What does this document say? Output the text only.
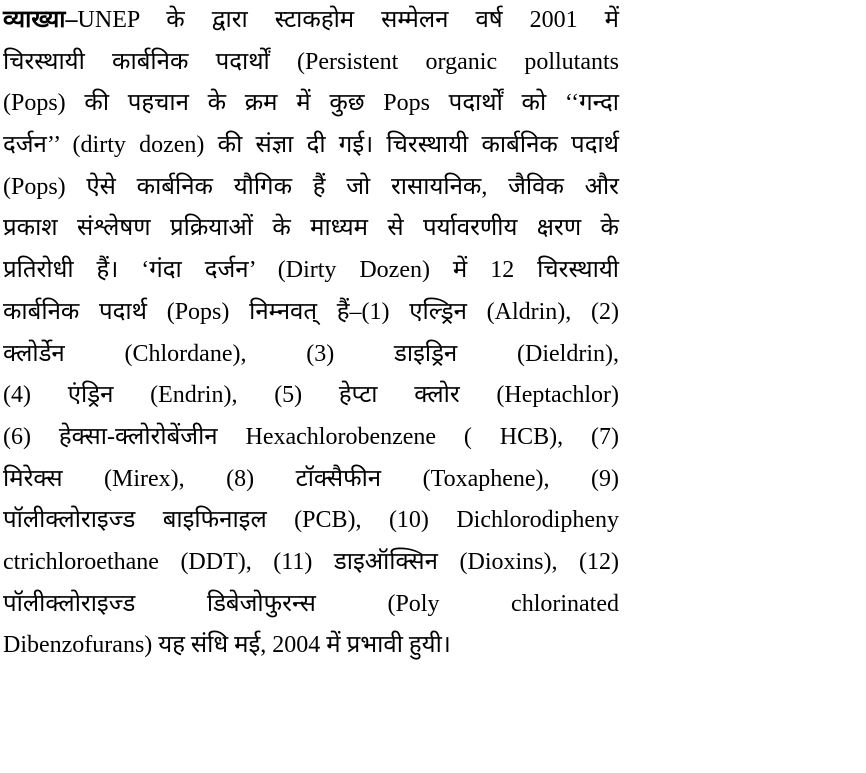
व्याख्या–UNEP के द्वारा स्टाकहोम सम्मेलन वर्ष 2001 में
चिरस्थायी कार्बनिक पदार्थों (Persistent organic pollutants
(Pops) की पहचान के क्रम में कुछ Pops पदार्थों को ‘‘गन्दा
दर्जन’’ (dirty dozen) की संज्ञा दी गई। चिरस्थायी कार्बनिक पदार्थ
(Pops) ऐसे कार्बनिक यौगिक हैं जो रासायनिक, जैविक और
प्रकाश संश्लेषण प्रक्रियाओं के माध्यम से पर्यावरणीय क्षरण के
प्रतिरोधी हैं। ‘गंदा दर्जन’ (Dirty Dozen) में 12 चिरस्थायी
कार्बनिक पदार्थ (Pops) निम्नवत् हैं–(1) एल्ड्रिन (Aldrin), (2)
क्लोर्डेन (Chlordane), (3) डाइड्रिन (Dieldrin),
(4) एंड्रिन (Endrin), (5) हेप्टा क्लोर (Heptachlor)
(6) हेक्सा-क्लोरोबेंजीन Hexachlorobenzene ( HCB), (7)
मिरेक्स (Mirex), (8) टॉक्सैफीन (Toxaphene), (9)
पॉलीक्लोराइज्ड बाइफिनाइल (PCB), (10) Dichlorodipheny
ctrichloroethane (DDT), (11) डाइऑक्सिन (Dioxins), (12)
पॉलीक्लोराइज्ड डिबेजोफुरन्स (Poly chlorinated
Dibenzofurans) यह संधि मई, 2004 में प्रभावी हुयी।
